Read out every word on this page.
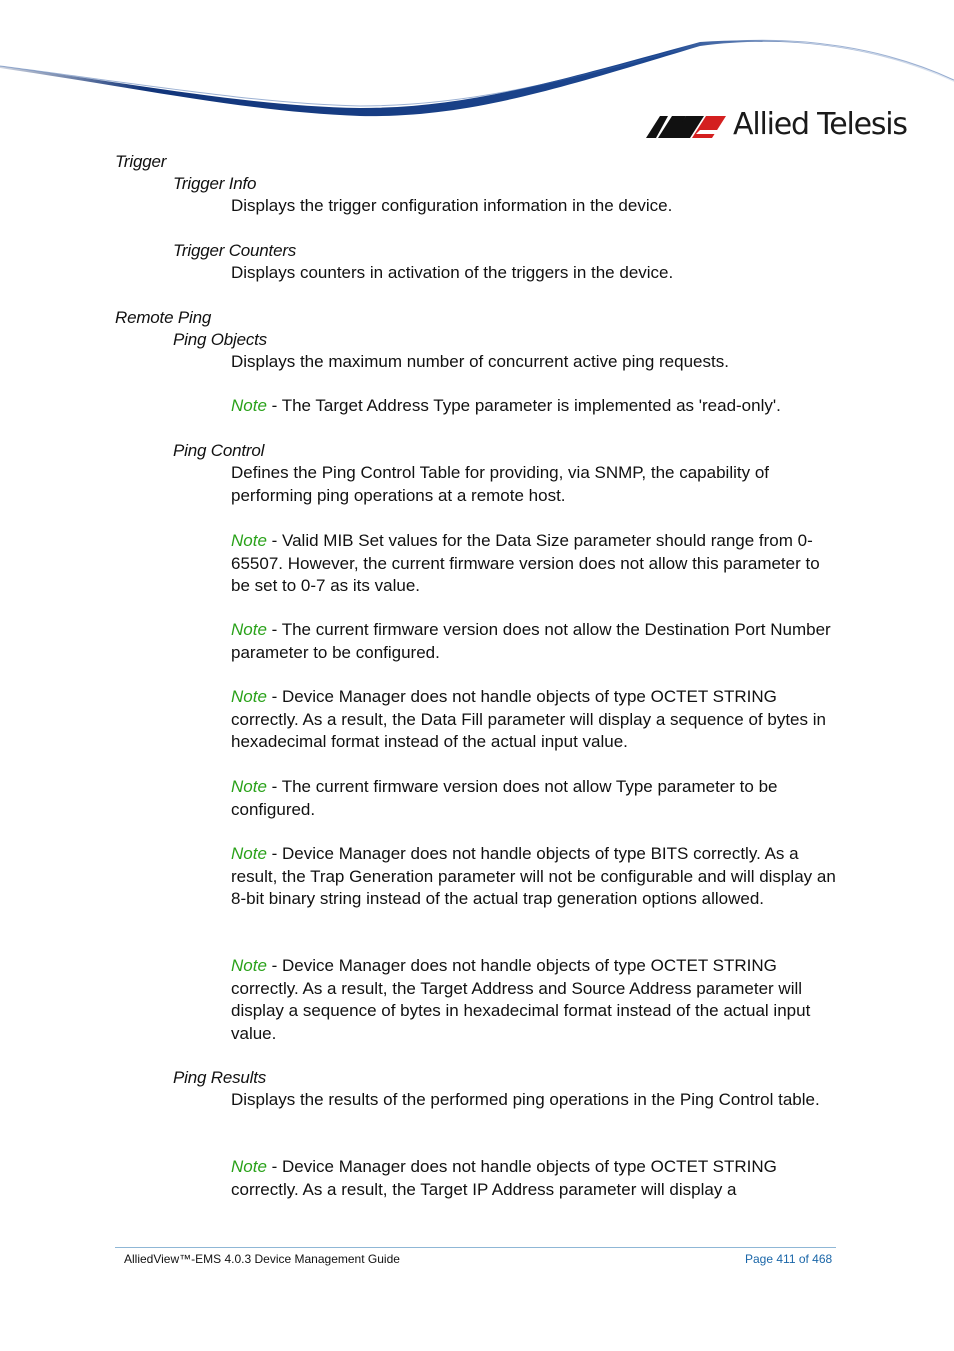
Allied Telesis
Trigger
Trigger Info
Displays the trigger configuration information in the device.
Trigger Counters
Displays counters in activation of the triggers in the device.
Remote Ping
Ping Objects
Displays the maximum number of concurrent active ping requests.
Note - The Target Address Type parameter is implemented as 'read-only'.
Ping Control
Defines the Ping Control Table for providing, via SNMP, the capability of performing ping operations at a remote host.
Note - Valid MIB Set values for the Data Size parameter should range from 0-65507. However, the current firmware version does not allow this parameter to be set to 0-7 as its value.
Note - The current firmware version does not allow the Destination Port Number parameter to be configured.
Note - Device Manager does not handle objects of type OCTET STRING correctly. As a result, the Data Fill parameter will display a sequence of bytes in hexadecimal format instead of the actual input value.
Note - The current firmware version does not allow Type parameter to be configured.
Note - Device Manager does not handle objects of type BITS correctly. As a result, the Trap Generation parameter will not be configurable and will display an 8-bit binary string instead of the actual trap generation options allowed.
Note - Device Manager does not handle objects of type OCTET STRING correctly. As a result, the Target Address and Source Address parameter will display a sequence of bytes in hexadecimal format instead of the actual input value.
Ping Results
Displays the results of the performed ping operations in the Ping Control table.
Note - Device Manager does not handle objects of type OCTET STRING correctly. As a result, the Target IP Address parameter will display a
AlliedView™-EMS 4.0.3 Device Management Guide	Page 411 of 468
